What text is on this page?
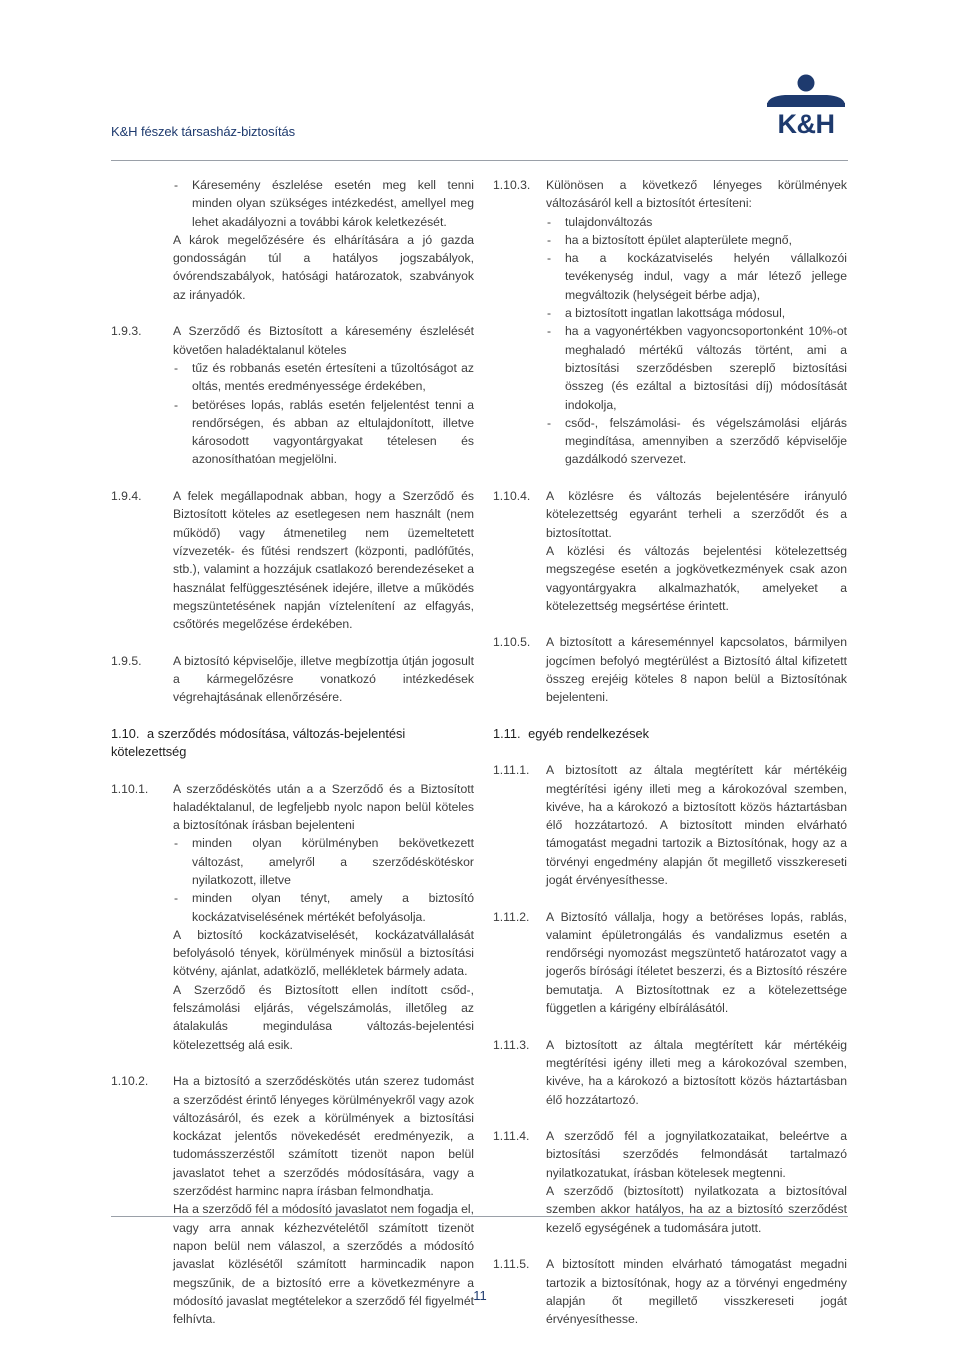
K&H fészek társasház-biztosítás	K&H
- Káresemény észlelése esetén meg kell tenni minden olyan szükséges intézkedést, amellyel meg lehet akadályozni a további károk keletkezését.

A károk megelőzésére és elhárítására a jó gazda gondosságán túl a hatályos jogszabályok, óvórendszabályok, hatósági határozatok, szabványok az irányadók.

1.9.3.	A Szerződő és Biztosított a káresemény észlelését követően haladéktalanul köteles

- tűz és robbanás esetén értesíteni a tűzoltóságot az oltás, mentés eredményessége érdekében,
- betöréses lopás, rablás esetén feljelentést tenni a rendőrségen, és abban az eltulajdonított, illetve károsodott vagyontárgyakat tételesen és azonosíthatóan megjelölni.
1.9.4.	A felek megállapodnak abban, hogy a Szerződő és Biztosított köteles az esetlegesen nem használt (nem működő) vagy átmenetileg nem üzemeltetett vízvezeték- és fűtési rendszert (központi, padlófűtés, stb.), valamint a hozzájuk csatlakozó berendezéseket a használat felfüggesztésének idejére, illetve a működés megszüntetésének napján víztelenítení az elfagyás, csőtörés megelőzése érdekében.

1.9.5.	A biztosító képviselője, illetve megbízottja útján jogosult a kármegelőzésre vonatkozó intézkedések végrehajtásának ellenőrzésére.

1.10. a szerződés módosítása, változás-bejelentési kötelezettség
1.10.1. A szerződéskötés után a a Szerződő és a Biztosított haladéktalanul, de legfeljebb nyolc napon belül köteles a biztosítónak írásban bejelenteni

- minden olyan körülményben bekövetkezett változást, amelyről a szerződéskötéskor nyilatkozott, illetve
- minden olyan tényt, amely a biztosító kockázatviselésének mértékét befolyásolja.

A biztosító kockázatviselését, kockázatvállalását befolyásoló tények, körülmények minősül a biztosítási kötvény, ajánlat, adatközlő, mellékletek bármely adata.

A Szerződő és Biztosított ellen indított csőd-, felszámolási eljárás, végelszámolás, illetőleg az átalakulás megindulása változás-bejelentési kötelezettség alá esik.

1.10.2. Ha a biztosító a szerződéskötés után szerez tudomást a szerződést érintő lényeges körülményekről vagy azok változásáról, és ezek a körülmények a biztosítási kockázat jelentős növekedését eredményezik, a tudomásszerzéstől számított tizenöt napon belül javaslatot tehet a szerződés módosítására, vagy a szerződést harminc napra írásban felmondhatja.

Ha a szerződő fél a módosító javaslatot nem fogadja el, vagy arra annak kézhezvételétől számított tizenöt napon belül nem válaszol, a szerződés a módosító javaslat közlésétől számított harmincadik napon megszűnik, de a biztosító erre a következményre a módosító javaslat megtételekor a szerződő fél figyelmét felhívta.

1.10.3. Különösen a következő lényeges körülmények változásáról kell a biztosítót értesíteni:

- tulajdonváltozás
- ha a biztosított épület alapterülete megnő,
- ha a kockázatviselés helyén vállalkozói tevékenység indul, vagy a már létező jellege megváltozik (helységeit bérbe adja),
- a biztosított ingatlan lakottsága módosul,
- ha a vagyonértékben vagyoncsoportonként 10%-ot meghaladó mértékű változás történt, ami a biztosítási szerződésben szereplő biztosítási összeg (és ezáltal a biztosítási díj) módosítását indokolja,
- csőd-, felszámolási- és végelszámolási eljárás megindítása, amennyiben a szerződő képviselője gazdálkodó szervezet.
1.10.4. A közlésre és változás bejelentésére irányuló kötelezettség egyaránt terheli a szerződőt és a biztosítottat.

A közlési és változás bejelentési kötelezettség megszegése esetén a jogkövetkezmények csak azon vagyontárgyakra alkalmazhatók, amelyeket a kötelezettség megsértése érintett.

1.10.5. A biztosított a káreseménnyel kapcsolatos, bármilyen jogcímen befolyó megtérülést a Biztosító által kifizetett összeg erejéig köteles 8 napon belül a Biztosítónak bejelenteni.

1.11. egyéb rendelkezések
1.11.1. A biztosított az általa megtérített kár mértékéig megtérítési igény illeti meg a károkozóval szemben, kivéve, ha a károkozó a biztosított közös háztartásban élő hozzátartozó. A biztosított minden elvárható támogatást megadni tartozik a Biztosítónak, hogy az a törvényi engedmény alapján őt megillető visszkereseti jogát érvényesíthesse.

1.11.2. A Biztosító vállalja, hogy a betöréses lopás, rablás, valamint épületrongálás és vandalizmus esetén a rendőrségi nyomozást megszüntető határozatot vagy a jogerős bírósági ítéletet beszerzi, és a Biztosító részére bemutatja. A Biztosítottnak ez a kötelezettsége független a kárigény elbírálásától.

1.11.3. A biztosított az általa megtérített kár mértékéig megtérítési igény illeti meg a károkozóval szemben, kivéve, ha a károkozó a biztosított közös háztartásban élő hozzátartozó.

1.11.4. A szerződő fél a jognyilatkozataikat, beleértve a biztosítási szerződés felmondását tartalmazó nyilatkozatukat, írásban kötelesek megtenni.

A szerződő (biztosított) nyilatkozata a biztosítóval szemben akkor hatályos, ha az a biztosító szerződést kezelő egységének a tudomására jutott.

1.11.5. A biztosított minden elvárható támogatást megadni tartozik a biztosítónak, hogy az a törvényi engedmény alapján őt megillető visszkereseti jogát érvényesíthesse.

11
